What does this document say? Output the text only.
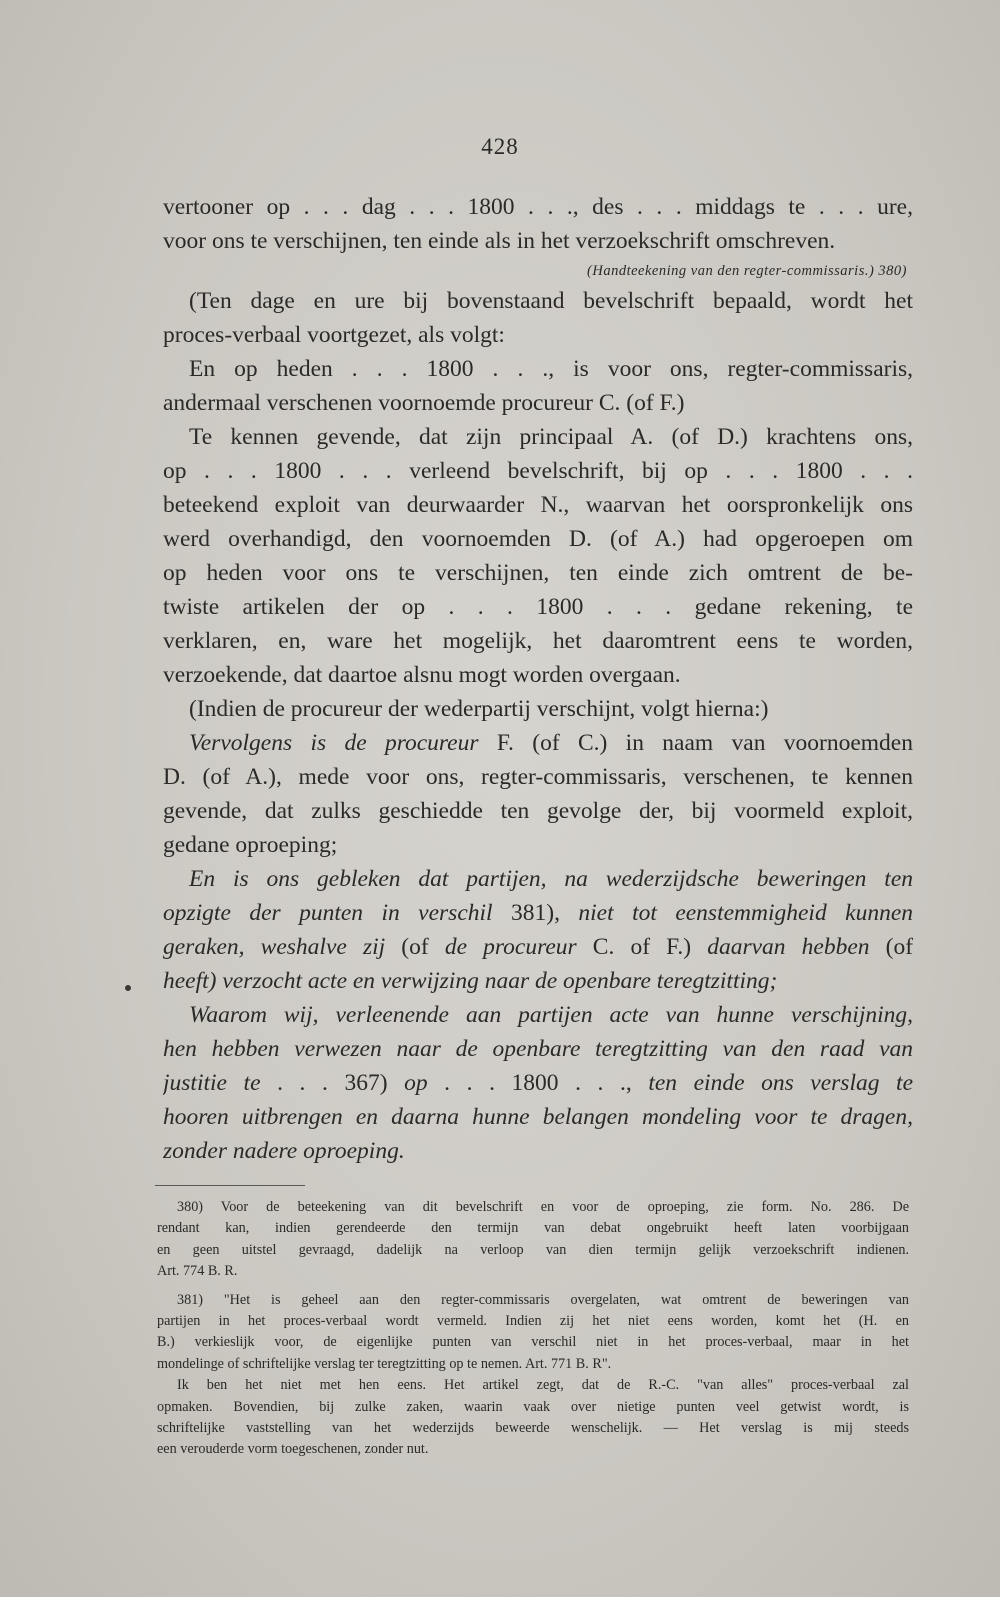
428
vertooner op . . . dag . . . 1800 . . ., des . . . middags te . . . ure,
voor ons te verschijnen, ten einde als in het verzoekschrift omschreven.
(Handteekening van den regter-commissaris.) 380)
(Ten dage en ure bij bovenstaand bevelschrift bepaald, wordt het
proces-verbaal voortgezet, als volgt:
En op heden . . . 1800 . . ., is voor ons, regter-commissaris,
andermaal verschenen voornoemde procureur C. (of F.)
Te kennen gevende, dat zijn principaal A. (of D.) krachtens ons,
op . . . 1800 . . . verleend bevelschrift, bij op . . . 1800 . . .
beteekend exploit van deurwaarder N., waarvan het oorspronkelijk ons
werd overhandigd, den voornoemden D. (of A.) had opgeroepen om
op heden voor ons te verschijnen, ten einde zich omtrent de be-
twiste artikelen der op . . . 1800 . . . gedane rekening, te
verklaren, en, ware het mogelijk, het daaromtrent eens te worden,
verzoekende, dat daartoe alsnu mogt worden overgaan.
(Indien de procureur der wederpartij verschijnt, volgt hierna:)
Vervolgens is de procureur F. (of C.) in naam van voornoemden
D. (of A.), mede voor ons, regter-commissaris, verschenen, te kennen
gevende, dat zulks geschiedde ten gevolge der, bij voormeld exploit,
gedane oproeping;
En is ons gebleken dat partijen, na wederzijdsche beweringen ten
opzigte der punten in verschil 381), niet tot eenstemmigheid kunnen
geraken, weshalve zij (of de procureur C. of F.) daarvan hebben (of
heeft) verzocht acte en verwijzing naar de openbare teregtzitting;
Waarom wij, verleenende aan partijen acte van hunne verschijning,
hen hebben verwezen naar de openbare teregtzitting van den raad van
justitie te . . . 367) op . . . 1800 . . ., ten einde ons verslag te
hooren uitbrengen en daarna hunne belangen mondeling voor te dragen,
zonder nadere oproeping.
380) Voor de beteekening van dit bevelschrift en voor de oproeping, zie form. No. 286. De
rendant kan, indien gerendeerde den termijn van debat ongebruikt heeft laten voorbijgaan
en geen uitstel gevraagd, dadelijk na verloop van dien termijn gelijk verzoekschrift indienen.
Art. 774 B. R.
381) "Het is geheel aan den regter-commissaris overgelaten, wat omtrent de beweringen van
partijen in het proces-verbaal wordt vermeld. Indien zij het niet eens worden, komt het (H. en
B.) verkieslijk voor, de eigenlijke punten van verschil niet in het proces-verbaal, maar in het
mondelinge of schriftelijke verslag ter teregtzitting op te nemen. Art. 771 B. R".
Ik ben het niet met hen eens. Het artikel zegt, dat de R.-C. "van alles" proces-verbaal zal
opmaken. Bovendien, bij zulke zaken, waarin vaak over nietige punten veel getwist wordt, is
schriftelijke vaststelling van het wederzijds beweerde wenschelijk. — Het verslag is mij steeds
een verouderde vorm toegeschenen, zonder nut.
